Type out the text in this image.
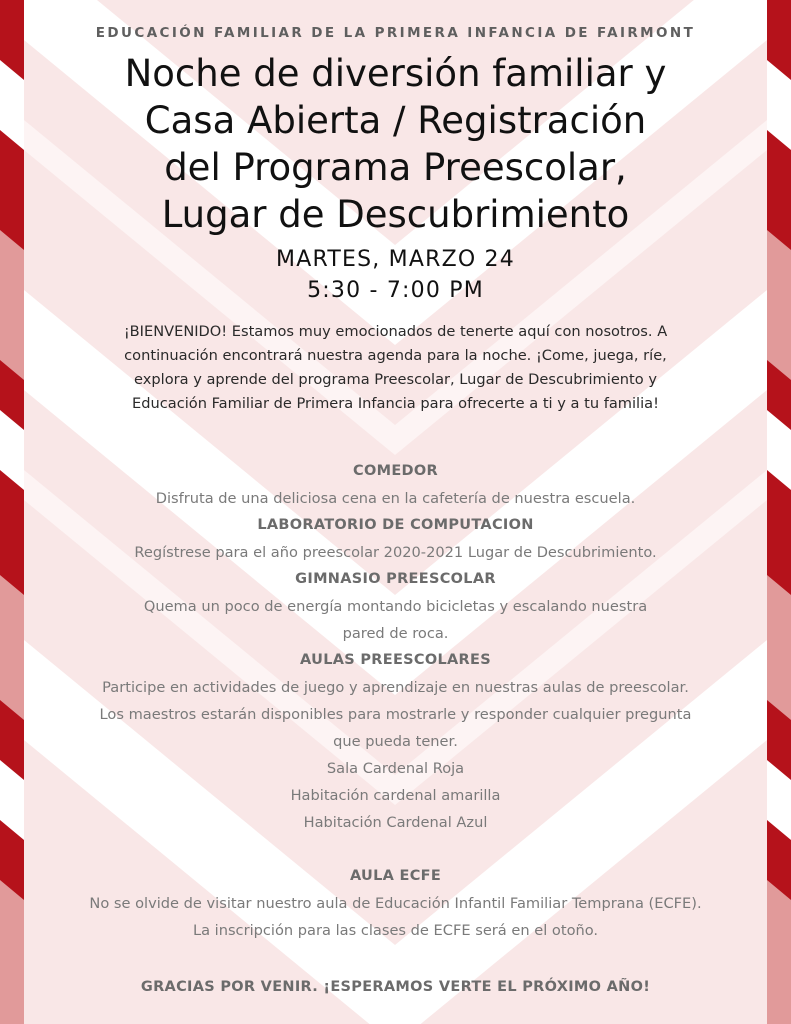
EDUCACIÓN FAMILIAR DE LA PRIMERA INFANCIA DE FAIRMONT
Noche de diversión familiar y
Casa Abierta / Registración
del Programa Preescolar,
Lugar de Descubrimiento
MARTES, MARZO 24
5:30 - 7:00 PM
¡BIENVENIDO! Estamos muy emocionados de tenerte aquí con nosotros. A
continuación encontrará nuestra agenda para la noche. ¡Come, juega, ríe,
explora y aprende del programa Preescolar, Lugar de Descubrimiento y
Educación Familiar de Primera Infancia para ofrecerte a ti y a tu familia!
COMEDOR
Disfruta de una deliciosa cena en la cafetería de nuestra escuela.
LABORATORIO DE COMPUTACION
Regístrese para el año preescolar 2020-2021 Lugar de Descubrimiento.
GIMNASIO PREESCOLAR
Quema un poco de energía montando bicicletas y escalando nuestra
pared de roca.
AULAS PREESCOLARES
Participe en actividades de juego y aprendizaje en nuestras aulas de preescolar.
Los maestros estarán disponibles para mostrarle y responder cualquier pregunta
que pueda tener.
Sala Cardenal Roja
Habitación cardenal amarilla
Habitación Cardenal Azul
AULA ECFE
No se olvide de visitar nuestro aula de Educación Infantil Familiar Temprana (ECFE).
La inscripción para las clases de ECFE será en el otoño.
GRACIAS POR VENIR. ¡ESPERAMOS VERTE EL PRÓXIMO AÑO!
